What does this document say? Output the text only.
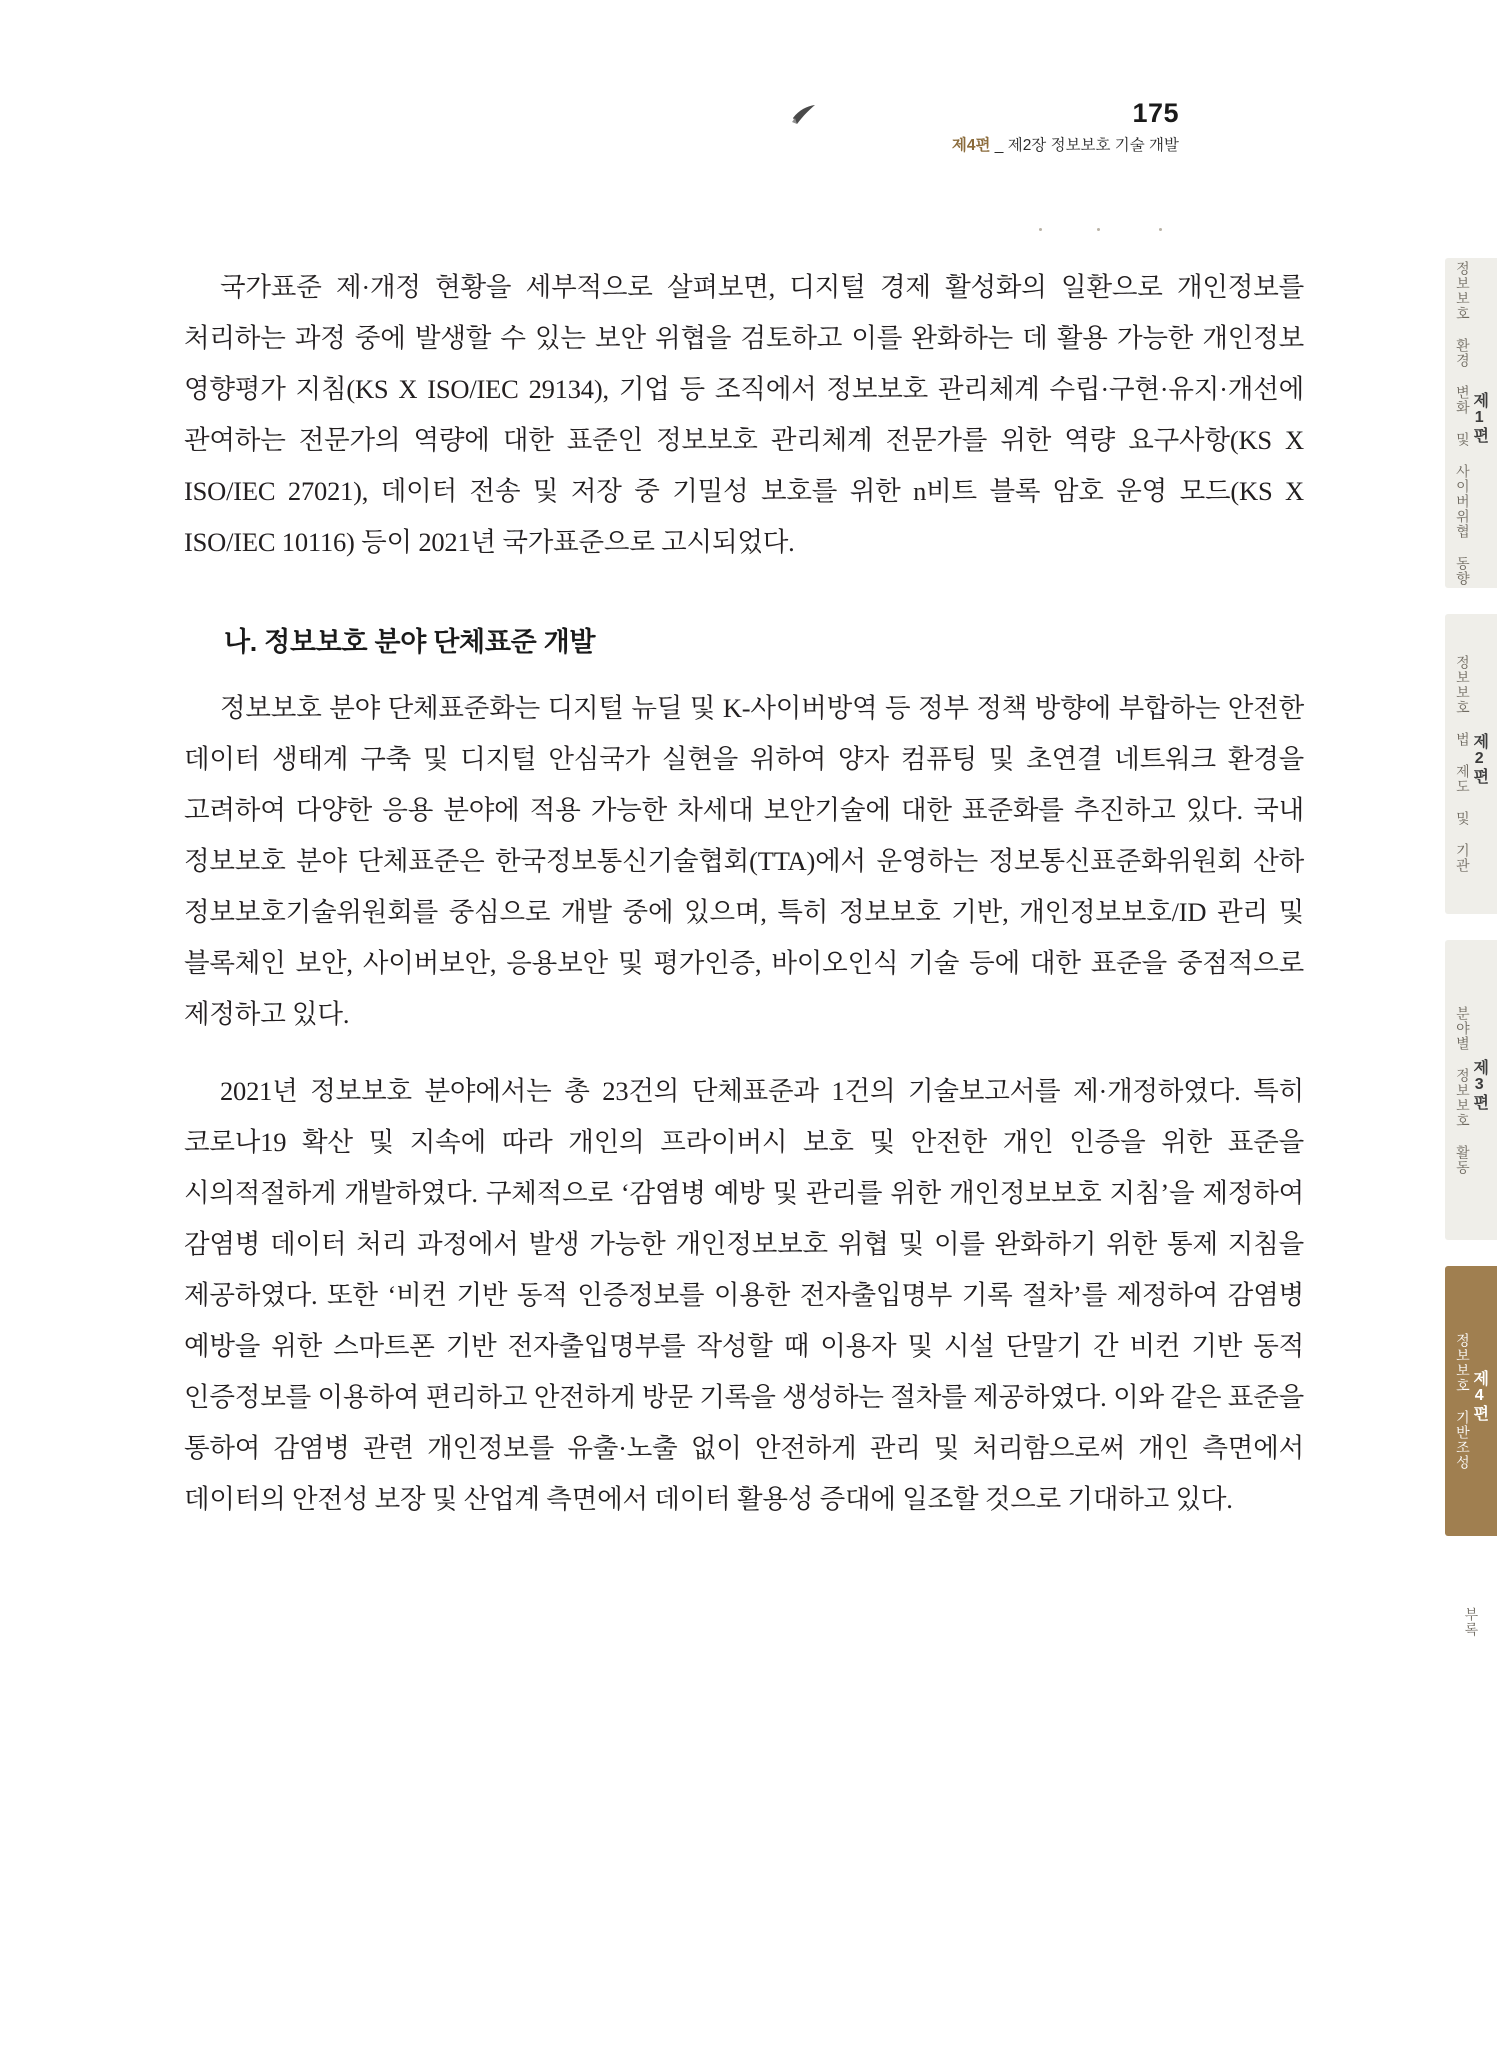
175
제4편 _ 제2장 정보보호 기술 개발

국가표준 제·개정 현황을 세부적으로 살펴보면, 디지털 경제 활성화의 일환으로 개인정보를 처리하는 과정 중에 발생할 수 있는 보안 위협을 검토하고 이를 완화하는 데 활용 가능한 개인정보 영향평가 지침(KS X ISO/IEC 29134), 기업 등 조직에서 정보보호 관리체계 수립·구현·유지·개선에 관여하는 전문가의 역량에 대한 표준인 정보보호 관리체계 전문가를 위한 역량 요구사항(KS X ISO/IEC 27021), 데이터 전송 및 저장 중 기밀성 보호를 위한 n비트 블록 암호 운영 모드(KS X ISO/IEC 10116) 등이 2021년 국가표준으로 고시되었다.

나. 정보보호 분야 단체표준 개발

정보보호 분야 단체표준화는 디지털 뉴딜 및 K-사이버방역 등 정부 정책 방향에 부합하는 안전한 데이터 생태계 구축 및 디지털 안심국가 실현을 위하여 양자 컴퓨팅 및 초연결 네트워크 환경을 고려하여 다양한 응용 분야에 적용 가능한 차세대 보안기술에 대한 표준화를 추진하고 있다. 국내 정보보호 분야 단체표준은 한국정보통신기술협회(TTA)에서 운영하는 정보통신표준화위원회 산하 정보보호기술위원회를 중심으로 개발 중에 있으며, 특히 정보보호 기반, 개인정보보호/ID 관리 및 블록체인 보안, 사이버보안, 응용보안 및 평가인증, 바이오인식 기술 등에 대한 표준을 중점적으로 제정하고 있다.

2021년 정보보호 분야에서는 총 23건의 단체표준과 1건의 기술보고서를 제·개정하였다. 특히 코로나19 확산 및 지속에 따라 개인의 프라이버시 보호 및 안전한 개인 인증을 위한 표준을 시의적절하게 개발하였다. 구체적으로 ‘감염병 예방 및 관리를 위한 개인정보보호 지침’을 제정하여 감염병 데이터 처리 과정에서 발생 가능한 개인정보보호 위협 및 이를 완화하기 위한 통제 지침을 제공하였다. 또한 ‘비컨 기반 동적 인증정보를 이용한 전자출입명부 기록 절차’를 제정하여 감염병 예방을 위한 스마트폰 기반 전자출입명부를 작성할 때 이용자 및 시설 단말기 간 비컨 기반 동적 인증정보를 이용하여 편리하고 안전하게 방문 기록을 생성하는 절차를 제공하였다. 이와 같은 표준을 통하여 감염병 관련 개인정보를 유출·노출 없이 안전하게 관리 및 처리함으로써 개인 측면에서 데이터의 안전성 보장 및 산업계 측면에서 데이터 활용성 증대에 일조할 것으로 기대하고 있다.

제1편
정보보호 환경 변화 및 사이버위협 동향
제2편
정보보호 법 제도 및 기관
제3편
분야별 정보보호 활동
제4편
정보보호 기반조성
부록
